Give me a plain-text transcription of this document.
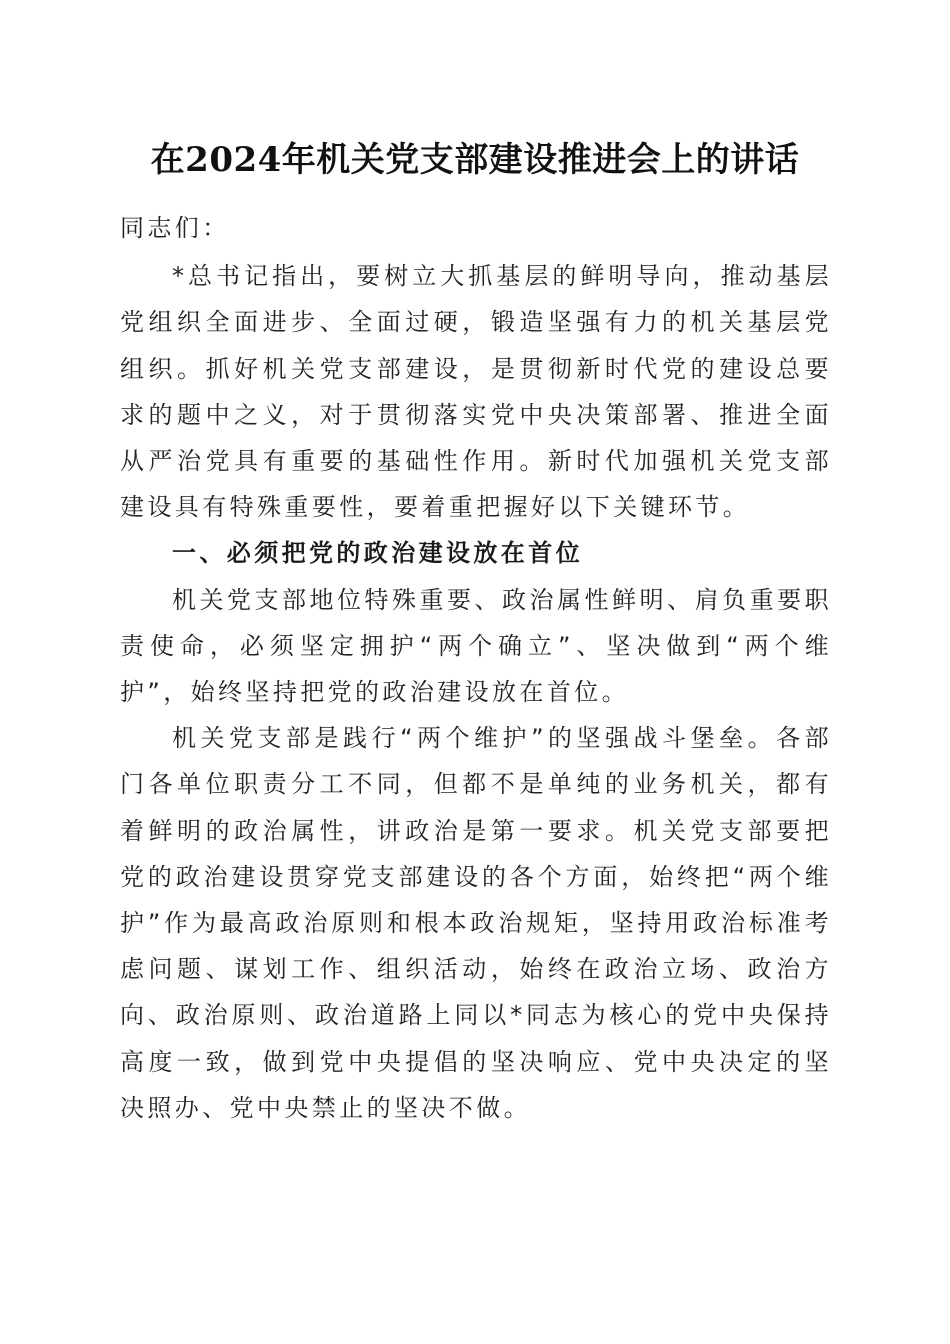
在2024年机关党支部建设推进会上的讲话

同志们：

*总书记指出，要树立大抓基层的鲜明导向，推动基层党组织全面进步、全面过硬，锻造坚强有力的机关基层党组织。抓好机关党支部建设，是贯彻新时代党的建设总要求的题中之义，对于贯彻落实党中央决策部署、推进全面从严治党具有重要的基础性作用。新时代加强机关党支部建设具有特殊重要性，要着重把握好以下关键环节。

一、必须把党的政治建设放在首位

机关党支部地位特殊重要、政治属性鲜明、肩负重要职责使命，必须坚定拥护“两个确立”、坚决做到“两个维护”，始终坚持把党的政治建设放在首位。

机关党支部是践行“两个维护”的坚强战斗堡垒。各部门各单位职责分工不同，但都不是单纯的业务机关，都有着鲜明的政治属性，讲政治是第一要求。机关党支部要把党的政治建设贯穿党支部建设的各个方面，始终把“两个维护”作为最高政治原则和根本政治规矩，坚持用政治标准考虑问题、谋划工作、组织活动，始终在政治立场、政治方向、政治原则、政治道路上同以*同志为核心的党中央保持高度一致，做到党中央提倡的坚决响应、党中央决定的坚决照办、党中央禁止的坚决不做。
